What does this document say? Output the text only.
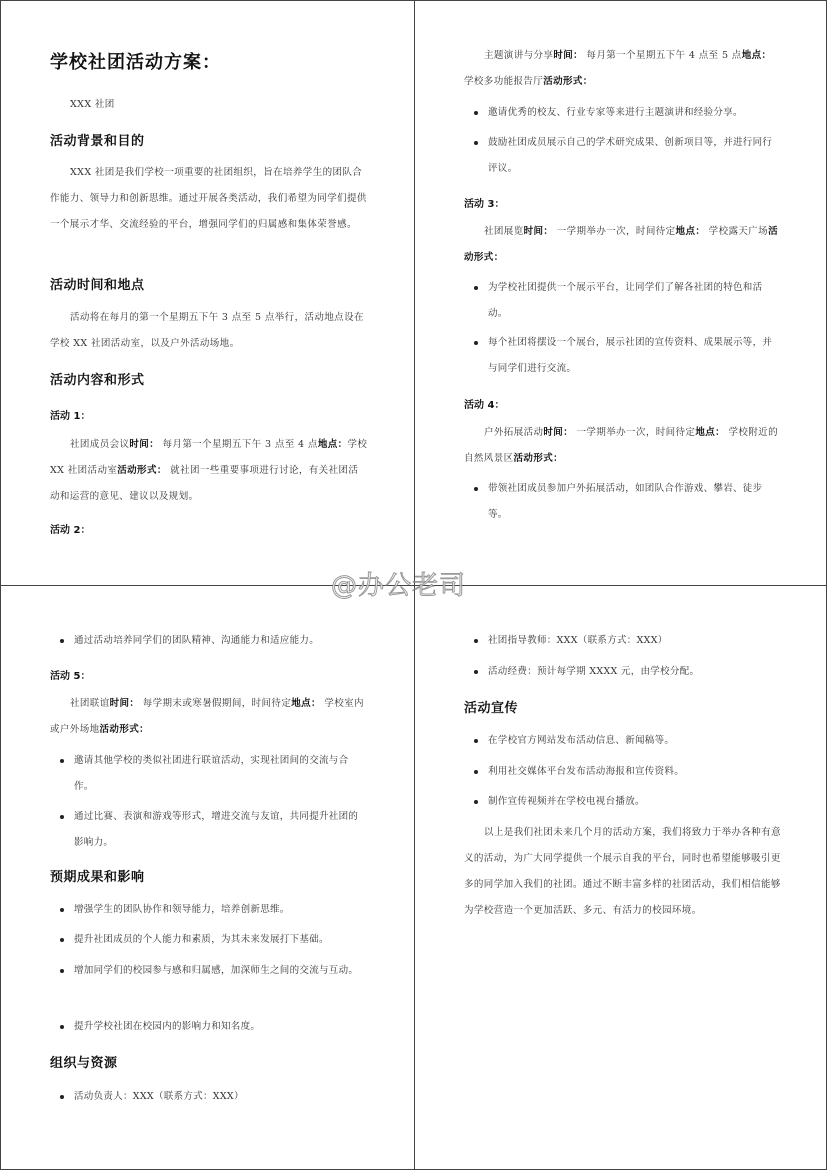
学校社团活动方案：
XXX 社团
活动背景和目的
XXX 社团是我们学校一项重要的社团组织，旨在培养学生的团队合作能力、领导力和创新思维。通过开展各类活动，我们希望为同学们提供一个展示才华、交流经验的平台，增强同学们的归属感和集体荣誉感。
活动时间和地点
活动将在每月的第一个星期五下午 3 点至 5 点举行，活动地点设在学校 XX 社团活动室，以及户外活动场地。
活动内容和形式
活动 1：
社团成员会议时间： 每月第一个星期五下午 3 点至 4 点地点：学校 XX 社团活动室活动形式： 就社团一些重要事项进行讨论，有关社团活动和运营的意见、建议以及规划。
活动 2：
主题演讲与分享时间： 每月第一个星期五下午 4 点至 5 点地点： 学校多功能报告厅活动形式：
邀请优秀的校友、行业专家等来进行主题演讲和经验分享。
鼓励社团成员展示自己的学术研究成果、创新项目等，并进行同行评议。
活动 3：
社团展览时间： 一学期举办一次，时间待定地点： 学校露天广场活动形式：
为学校社团提供一个展示平台，让同学们了解各社团的特色和活动。
每个社团将摆设一个展台，展示社团的宣传资料、成果展示等，并与同学们进行交流。
活动 4：
户外拓展活动时间： 一学期举办一次，时间待定地点： 学校附近的自然风景区活动形式：
带领社团成员参加户外拓展活动，如团队合作游戏、攀岩、徒步等。
通过活动培养同学们的团队精神、沟通能力和适应能力。
活动 5：
社团联谊时间： 每学期末或寒暑假期间，时间待定地点： 学校室内或户外场地活动形式：
邀请其他学校的类似社团进行联谊活动，实现社团间的交流与合作。
通过比赛、表演和游戏等形式，增进交流与友谊，共同提升社团的影响力。
预期成果和影响
增强学生的团队协作和领导能力，培养创新思维。
提升社团成员的个人能力和素质，为其未来发展打下基础。
增加同学们的校园参与感和归属感，加深师生之间的交流与互动。
提升学校社团在校园内的影响力和知名度。
组织与资源
活动负责人：XXX（联系方式：XXX）
社团指导教师：XXX（联系方式：XXX）
活动经费：预计每学期 XXXX 元，由学校分配。
活动宣传
在学校官方网站发布活动信息、新闻稿等。
利用社交媒体平台发布活动海报和宣传资料。
制作宣传视频并在学校电视台播放。
以上是我们社团未来几个月的活动方案，我们将致力于举办各种有意义的活动，为广大同学提供一个展示自我的平台，同时也希望能够吸引更多的同学加入我们的社团。通过不断丰富多样的社团活动，我们相信能够为学校营造一个更加活跃、多元、有活力的校园环境。
@办公老司
